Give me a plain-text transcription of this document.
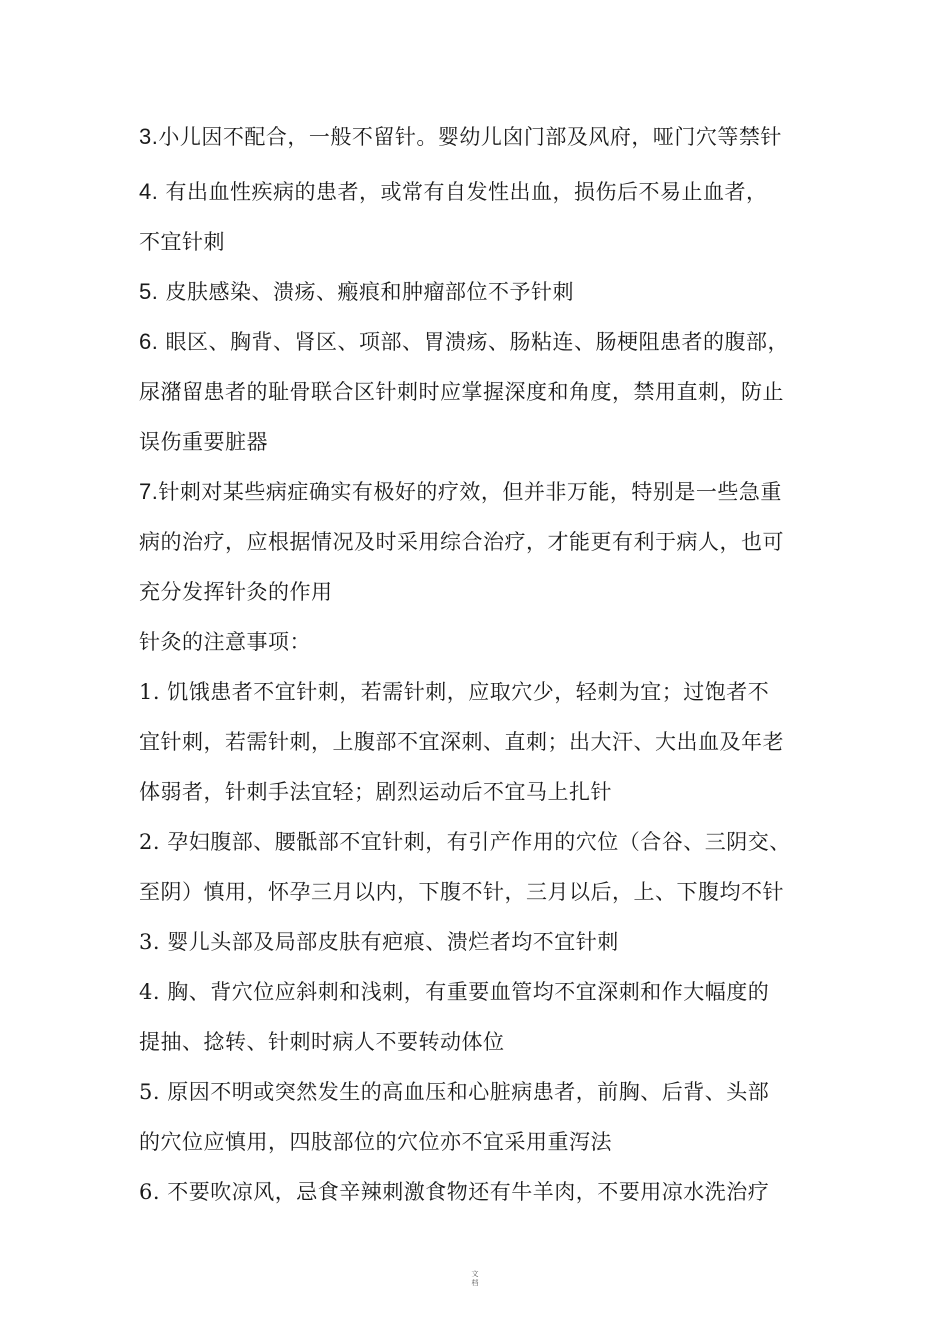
3.小儿因不配合，一般不留针。婴幼儿囟门部及风府，哑门穴等禁针
4. 有出血性疾病的患者，或常有自发性出血，损伤后不易止血者，
不宜针刺
5. 皮肤感染、溃疡、瘢痕和肿瘤部位不予针刺
6. 眼区、胸背、肾区、项部、胃溃疡、肠粘连、肠梗阻患者的腹部，
尿潴留患者的耻骨联合区针刺时应掌握深度和角度，禁用直刺，防止
误伤重要脏器
7.针刺对某些病症确实有极好的疗效，但并非万能，特别是一些急重
病的治疗，应根据情况及时采用综合治疗，才能更有利于病人，也可
充分发挥针灸的作用
针灸的注意事项：
1. 饥饿患者不宜针刺，若需针刺，应取穴少，轻刺为宜；过饱者不
宜针刺，若需针刺，上腹部不宜深刺、直刺；出大汗、大出血及年老
体弱者，针刺手法宜轻；剧烈运动后不宜马上扎针
2. 孕妇腹部、腰骶部不宜针刺，有引产作用的穴位（合谷、三阴交、
至阴）慎用，怀孕三月以内，下腹不针，三月以后，上、下腹均不针
3. 婴儿头部及局部皮肤有疤痕、溃烂者均不宜针刺
4. 胸、背穴位应斜刺和浅刺，有重要血管均不宜深刺和作大幅度的
提抽、捻转、针刺时病人不要转动体位
5. 原因不明或突然发生的高血压和心脏病患者，前胸、后背、头部
的穴位应慎用，四肢部位的穴位亦不宜采用重泻法
6. 不要吹凉风，忌食辛辣刺激食物还有牛羊肉，不要用凉水洗治疗
文
档
